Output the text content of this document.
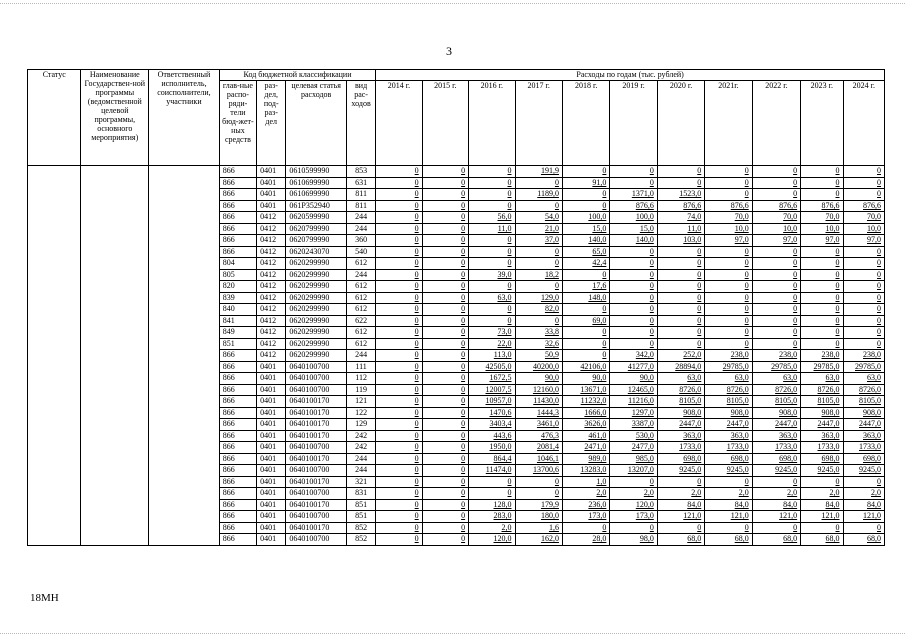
3
Статус	Наименование Государствен-ной программы (ведомственной целевой программы, основного мероприятия)	Ответственный исполнитель, соисполнители, участники	Код бюджетной классификации				Расходы по годам (тыс. рублей)										
			глав-ные распо-ряди-тели бюд-жет-ных средств	раз-дел, под-раз-дел	целевая статья расходов	вид рас-ходов	2014 г.	2015 г.	2016 г.	2017 г.	2018 г.	2019 г.	2020 г.	2021г.	2022 г.	2023 г.	2024 г.
			866	0401	0610599990	853	0	0	0	191,9	0	0	0	0	0	0	0
			866	0401	0610699990	631	0	0	0	0	91,0	0	0	0	0	0	0
			866	0401	0610699990	811	0	0	0	1189,0	0	1371,0	1523,0	0	0	0	0
			866	0401	061Р352940	811	0	0	0	0	0	876,6	876,6	876,6	876,6	876,6	876,6
			866	0412	0620599990	244	0	0	56,0	54,0	100,0	100,0	74,0	70,0	70,0	70,0	70,0
			866	0412	0620799990	244	0	0	11,0	21,0	15,0	15,0	11,0	10,0	10,0	10,0	10,0
			866	0412	0620799990	360	0	0	0	37,0	140,0	140,0	103,0	97,0	97,0	97,0	97,0
			866	0412	0620243070	540	0	0	0	0	65,0	0	0	0	0	0	0
			804	0412	0620299990	612	0	0	0	0	42,4	0	0	0	0	0	0
			805	0412	0620299990	244	0	0	39,0	18,2	0	0	0	0	0	0	0
			820	0412	0620299990	612	0	0	0	0	17,6	0	0	0	0	0	0
			839	0412	0620299990	612	0	0	63,0	129,0	148,0	0	0	0	0	0	0
			840	0412	0620299990	612	0	0	0	82,0	0	0	0	0	0	0	0
			841	0412	0620299990	622	0	0	0	0	69,0	0	0	0	0	0	0
			849	0412	0620299990	612	0	0	73,0	33,8	0	0	0	0	0	0	0
			851	0412	0620299990	612	0	0	22,0	32,6	0	0	0	0	0	0	0
			866	0412	0620299990	244	0	0	113,0	50,9	0	342,0	252,0	238,0	238,0	238,0	238,0
			866	0401	0640100700	111	0	0	42505,0	40200,0	42106,0	41277,0	28894,0	29785,0	29785,0	29785,0	29785,0
			866	0401	0640100700	112	0	0	1672,5	90,0	90,0	90,0	63,0	63,0	63,0	63,0	63,0
			866	0401	0640100700	119	0	0	12007,5	12160,0	13671,0	12465,0	8726,0	8726,0	8726,0	8726,0	8726,0
			866	0401	0640100170	121	0	0	10957,0	11430,0	11232,0	11216,0	8105,0	8105,0	8105,0	8105,0	8105,0
			866	0401	0640100170	122	0	0	1470,6	1444,3	1666,0	1297,0	908,0	908,0	908,0	908,0	908,0
			866	0401	0640100170	129	0	0	3403,4	3461,0	3626,0	3387,0	2447,0	2447,0	2447,0	2447,0	2447,0
			866	0401	0640100170	242	0	0	443,6	476,3	461,0	530,0	363,0	363,0	363,0	363,0	363,0
			866	0401	0640100700	242	0	0	1950,0	2081,4	2471,0	2477,0	1733,0	1733,0	1733,0	1733,0	1733,0
			866	0401	0640100170	244	0	0	864,4	1046,1	989,0	985,0	698,0	698,0	698,0	698,0	698,0
			866	0401	0640100700	244	0	0	11474,0	13700,6	13283,0	13207,0	9245,0	9245,0	9245,0	9245,0	9245,0
			866	0401	0640100170	321	0	0	0	0	1,0	0	0	0	0	0	0
			866	0401	0640100700	831	0	0	0	0	2,0	2,0	2,0	2,0	2,0	2,0	2,0
			866	0401	0640100170	851	0	0	128,0	179,9	236,0	120,0	84,0	84,0	84,0	84,0	84,0
			866	0401	0640100700	851	0	0	283,0	180,0	173,0	173,0	121,0	121,0	121,0	121,0	121,0
			866	0401	0640100170	852	0	0	2,0	1,6	0	0	0	0	0	0	0
			866	0401	0640100700	852	0	0	120,0	162,0	28,0	98,0	68,0	68,0	68,0	68,0	68,0
18МН
